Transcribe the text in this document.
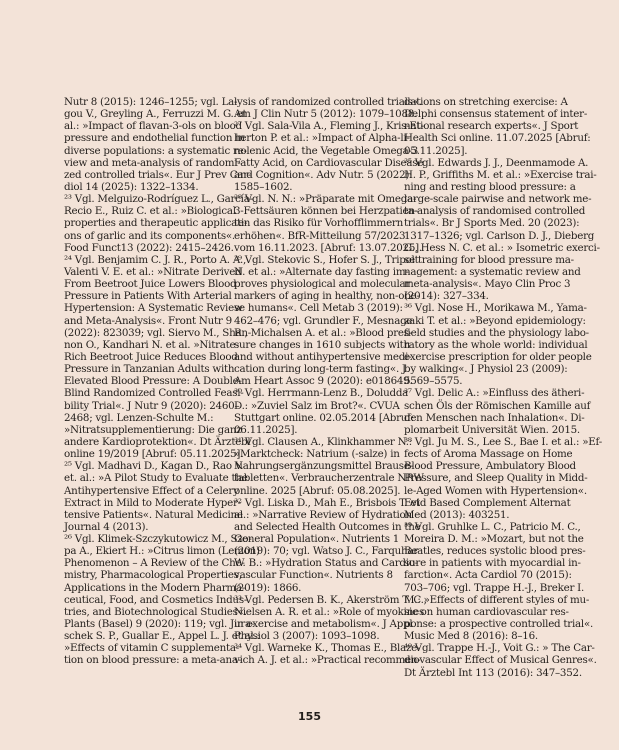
Nutr 8 (2015): 1246–1255; vgl. La-
gou V., Greyling A., Ferruzzi M. G. et
al.: »Impact of flavan-3-ols on blood
pressure and endothelial function in
diverse populations: a systematic re-
view and meta-analysis of randomi-
zed controlled trials«. Eur J Prev Car-
diol 14 (2025): 1322–1334.
²³ Vgl. Melguizo-Rodríguez L., García-
Recio E., Ruiz C. et al.: »Biological
properties and therapeutic applicati-
ons of garlic and its components«.
Food Funct13 (2022): 2415–2426.
²⁴ Vgl. Benjamim C. J. R., Porto A. A.,
Valenti V. E. et al.: »Nitrate Derived
From Beetroot Juice Lowers Blood
Pressure in Patients With Arterial
Hypertension: A Systematic Review
and Meta-Analysis«. Front Nutr 9
(2022): 823039; vgl. Siervo M., Shan-
non O., Kandhari N. et al. »Nitrate-
Rich Beetroot Juice Reduces Blood
Pressure in Tanzanian Adults with
Elevated Blood Pressure: A Double-
Blind Randomized Controlled Feasi-
bility Trial«. J Nutr 9 (2020): 2460–
2468; vgl. Lenzen-Schulte M.:
»Nitratsupplementierung: Die ganz
andere Kardioprotektion«. Dt Ärztebl
online 19/2019 [Abruf: 05.11.2025].
²⁵ Vgl. Madhavi D., Kagan D., Rao V.
et. al.: »A Pilot Study to Evaluate the
Antihypertensive Effect of a Celery
Extract in Mild to Moderate Hyper-
tensive Patients«. Natural Medicine
Journal 4 (2013).
²⁶ Vgl. Klimek-Szczykutowicz M., Szo-
pa A., Ekiert H.: »Citrus limon (Lemon)
Phenomenon – A Review of the Che-
mistry, Pharmacological Properties,
Applications in the Modern Pharma-
ceutical, Food, and Cosmetics Indus-
tries, and Biotechnological Studies«.
Plants (Basel) 9 (2020): 119; vgl. Jura-
schek S. P., Guallar E., Appel L. J. et al.:
»Effects of vitamin C supplementa-
tion on blood pressure: a meta-ana-
lysis of randomized controlled trials«.
Am J Clin Nutr 5 (2012): 1079–1088.
²⁷ Vgl. Sala-Vila A., Fleming J., Kris-Et-
herton P. et al.: »Impact of Alpha-li-
nolenic Acid, the Vegetable Omega-3
Fatty Acid, on Cardiovascular Disease
and Cognition«. Adv Nutr. 5 (2022):
1585–1602.
²⁸ Vgl. N. N.: »Präparate mit Omega-
3-Fettsäuren können bei Herzpatien-
ten das Risiko für Vorhofflimmern
erhöhen«. BfR-Mitteilung 57/2023
vom 16.11.2023. [Abruf: 13.07.2025].
²⁹ Vgl. Stekovic S., Hofer S. J., Tripolt
N. et al.: »Alternate day fasting im-
proves physiological and molecular
markers of aging in healthy, non-obe-
se humans«. Cell Metab 3 (2019):
462–476; vgl. Grundler F., Mesnage
R., Michalsen A. et al.: »Blood pres-
sure changes in 1610 subjects with
and without antihypertensive medi-
cation during long-term fasting«. J
Am Heart Assoc 9 (2020): e018649.
³⁰ Vgl. Herrmann-Lenz B., Doludda
D.: »Zuviel Salz im Brot?«. CVUA
Stuttgart online. 02.05.2014 [Abruf:
06.11.2025].
³¹ Vgl. Clausen A., Klinkhammer N.:
»Marktcheck: Natrium (-salze) in
Nahrungsergänzungsmittel Brause-
tabletten«. Verbraucherzentrale NRW
online. 2025 [Abruf: 05.08.2025].
³² Vgl. Liska D., Mah E., Brisbois T. et
al.: »Narrative Review of Hydration
and Selected Health Outcomes in the
General Population«. Nutrients 1
(2019): 70; vgl. Watso J. C., Farquhar
W. B.: »Hydration Status and Cardio-
vascular Function«. Nutrients 8
(2019): 1866.
³³ Vgl. Pedersen B. K., Akerström T. C.,
Nielsen A. R. et al.: »Role of myokines
in exercise and metabolism«. J Appl
Physiol 3 (2007): 1093–1098.
³⁴ Vgl. Warneke K., Thomas E., Blaze-
vich A. J. et al.: »Practical recommen-
dations on stretching exercise: A
Delphi consensus statement of inter-
national research experts«. J Sport
Health Sci online. 11.07.2025 [Abruf:
05.11.2025].
³⁵ Vgl. Edwards J. J., Deenmamode A.
H. P., Griffiths M. et al.: »Exercise trai-
ning and resting blood pressure: a
large-scale pairwise and network me-
ta-analysis of randomised controlled
trials«. Br J Sports Med. 20 (2023):
1317–1326; vgl. Carlson D. J., Dieberg
G., Hess N. C. et al.: » Isometric exerci-
se training for blood pressure ma-
nagement: a systematic review and
meta-analysis«. Mayo Clin Proc 3
(2014): 327–334.
³⁶ Vgl. Nose H., Morikawa M., Yama-
zaki T. et al.: »Beyond epidemiology:
field studies and the physiology labo-
ratory as the whole world: individual
exercise prescription for older people
by walking«. J Physiol 23 (2009):
5569–5575.
³⁷ Vgl. Delic A.: »Einfluss des ätheri-
schen Öls der Römischen Kamille auf
den Menschen nach Inhalation«. Di-
plomarbeit Universität Wien. 2015.
³⁸ Vgl. Ju M. S., Lee S., Bae I. et al.: »Ef-
fects of Aroma Massage on Home
Blood Pressure, Ambulatory Blood
Pressure, and Sleep Quality in Midd-
le-Aged Women with Hypertension«.
Evid Based Complement Alternat
Med (2013): 403251.
³⁹ Vgl. Gruhlke L. C., Patricio M. C.,
Moreira D. M.: »Mozart, but not the
Beatles, reduces systolic blood pres-
sure in patients with myocardial in-
farction«. Acta Cardiol 70 (2015):
703–706; vgl. Trappe H.-J., Breker I.
M.: »Effects of different styles of mu-
sic on human cardiovascular res-
ponse: a prospective controlled trial«.
Music Med 8 (2016): 8–16.
⁴⁰ Vgl. Trappe H.-J., Voit G.: » The Car-
diovascular Effect of Musical Genres«.
Dt Ärztebl Int 113 (2016): 347–352.
155
